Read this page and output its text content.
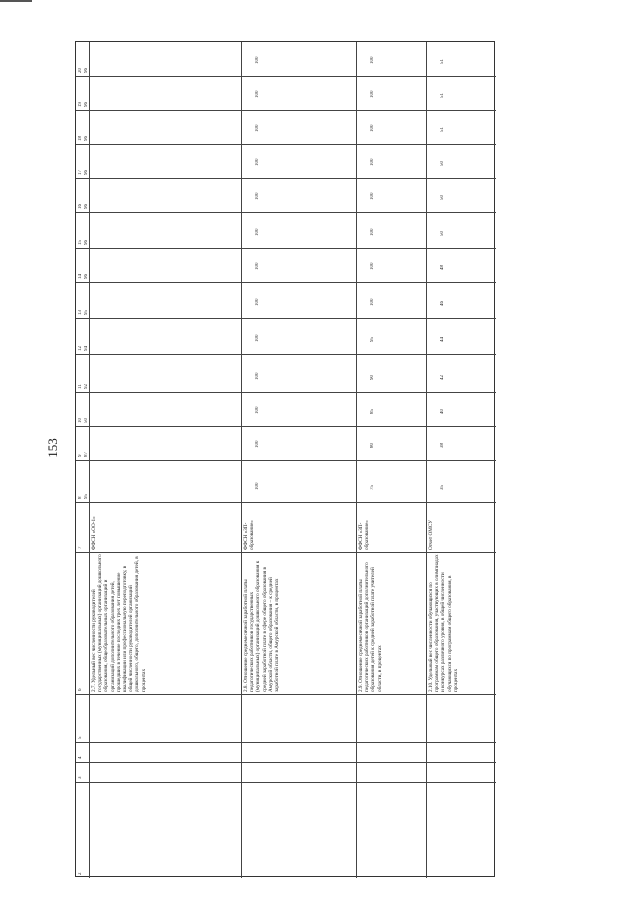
153
20
19
18
17
16
15
14
13
12
11
10
9
8
7
6
5
4
3
2
96
96
96
96
96
96
96
95
94
92
50
87
95
ФФСН «ОО-1»
2.7. Удельный вес численности руководителей государственных (муниципальных) организаций дошкольного образования, общеобразовательных организаций и организаций дополнительного образования детей, прошедших в течение последних трех лет повышение квалификации или профессиональную переподготовку, в общей численности руководителей организаций дошкольного, общего, дополнительного образования детей, в процентах
100
100
100
100
100
100
100
100
100
100
100
100
100
ФФСН «ЗП-образование»
2.8. Отношение среднемесячной заработной платы педагогических работников государственных (муниципальных) организаций дошкольного образования к средней заработной плате в сфере общего образования в Амурской области, общего образования – к средней заработной плате в Амурской области, в процентах
100
100
100
100
100
100
100
100
95
90
85
80
75
ФФСН «ЗП-образование»
2.9. Отношение среднемесячной заработной платы педагогических работников организаций дополнительного образования детей к средней заработной плате учителей области, в процентах
51
51
51
50
50
50
48
46
44
42
40
38
35
Отчет ОМСУ
2.10. Удельный вес численности обучающихся по программам общего образования, участвующих в олимпиадах и конкурсах различного уровня, в общей численности обучающихся по программам общего образования, в процентах
